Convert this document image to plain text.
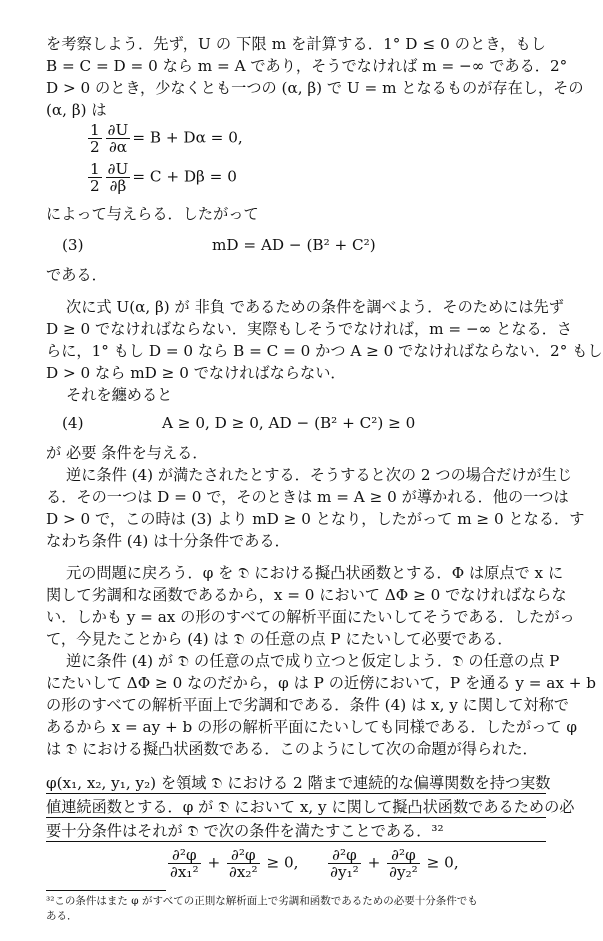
を考察しよう．先ず，U の 下限 m を計算する．1° D ≤ 0 のとき，もし
B = C = D = 0 なら m = A であり，そうでなければ m = −∞ である．2°
D > 0 のとき，少なくとも一つの (α, β) で U = m となるものが存在し，その
(α, β) は
$\frac{1}{2} \frac{\partial U}{\partial\alpha} = B + D\alpha = 0$,
$\frac{1}{2} \frac{\partial U}{\partial\beta} = C + D\beta = 0$
によって与えらる．したがって
(3)	mD = AD − (B² + C²)
である．
次に式 U(α, β) が 非負 であるための条件を調べよう．そのためには先ず
D ≥ 0 でなければならない．実際もしそうでなければ，m = −∞ となる．さ
らに，1° もし D = 0 なら B = C = 0 かつ A ≥ 0 でなければならない．2° もし
D > 0 なら mD ≥ 0 でなければならない．
それを纏めると
(4)	A ≥ 0, D ≥ 0, AD − (B² + C²) ≥ 0
が 必要 条件を与える．
逆に条件 (4) が満たされたとする．そうすると次の 2 つの場合だけが生じ
る．その一つは D = 0 で，そのときは m = A ≥ 0 が導かれる．他の一つは
D > 0 で，この時は (3) より mD ≥ 0 となり，したがって m ≥ 0 となる．す
なわち条件 (4) は十分条件である．
元の問題に戻ろう．φ を 𝔇 における擬凸状函数とする．Φ は原点で x に
関して劣調和な函数であるから，x = 0 において ΔΦ ≥ 0 でなければならな
い．しかも y = ax の形のすべての解析平面にたいしてそうである．したがっ
て，今見たことから (4) は 𝔇 の任意の点 P にたいして必要である．
逆に条件 (4) が 𝔇 の任意の点で成り立つと仮定しよう．𝔇 の任意の点 P
にたいして ΔΦ ≥ 0 なのだから，φ は P の近傍において，P を通る y = ax + b
の形のすべての解析平面上で劣調和である．条件 (4) は x, y に関して対称で
あるから x = ay + b の形の解析平面にたいしても同様である．したがって φ
は 𝔇 における擬凸状函数である．このようにして次の命題が得られた．
φ(x₁, x₂, y₁, y₂) を領域 𝔇 における 2 階まで連続的な偏導関数を持つ実数
値連続函数とする．φ が 𝔇 において x, y に関して擬凸状函数であるための必
要十分条件はそれが 𝔇 で次の条件を満たすことである．³²
$\frac{\text{∂²φ}}{\text{∂x₁²}} + \frac{\text{∂²φ}}{\text{∂x₂²}} \ge 0$, $\frac{\text{∂²φ}}{\text{∂y₁²}} + \frac{\text{∂²φ}}{\text{∂y₂²}} \ge 0$,
³²この条件はまた φ がすべての正則な解析面上で劣調和函数であるための必要十分条件でも
ある．
